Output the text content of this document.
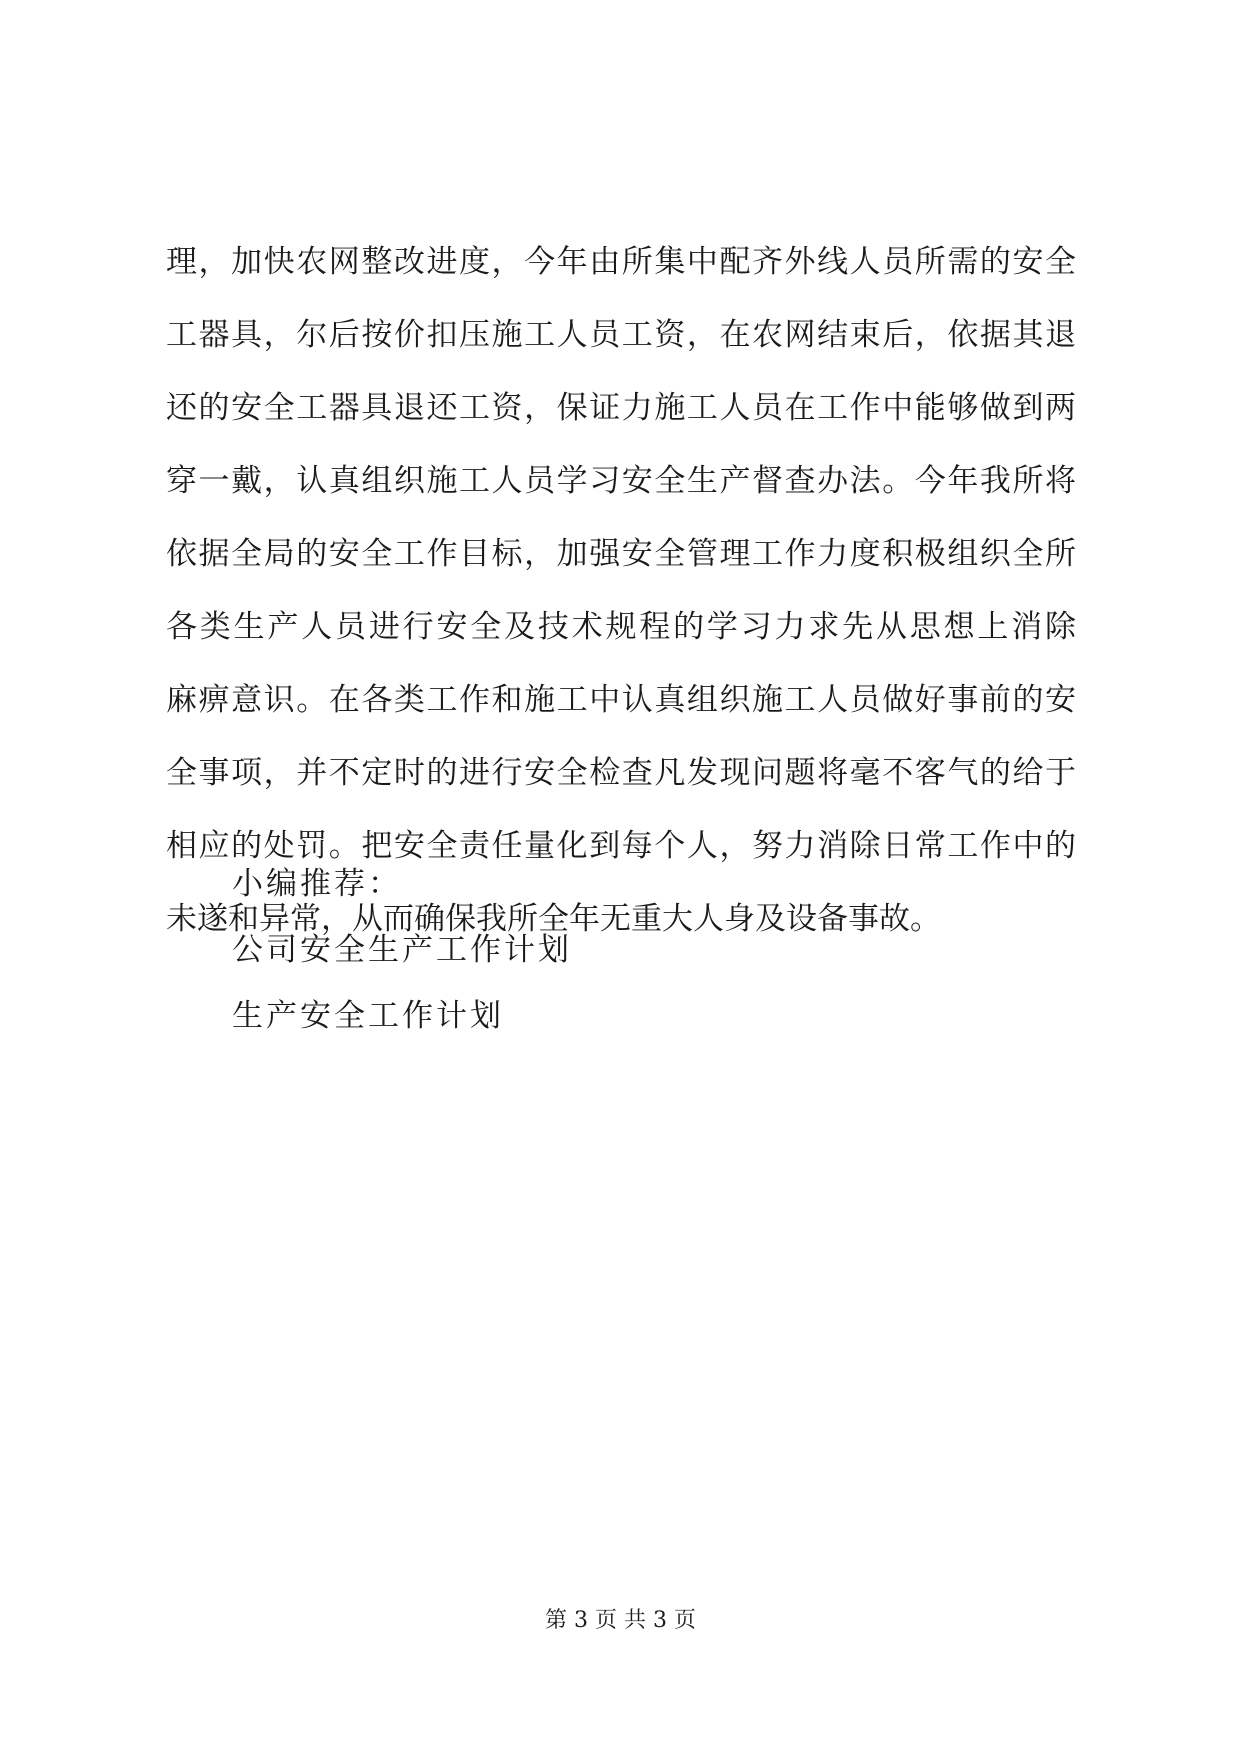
理，加快农网整改进度，今年由所集中配齐外线人员所需的安全
工器具，尔后按价扣压施工人员工资，在农网结束后，依据其退
还的安全工器具退还工资，保证力施工人员在工作中能够做到两
穿一戴，认真组织施工人员学习安全生产督查办法。今年我所将
依据全局的安全工作目标，加强安全管理工作力度积极组织全所
各类生产人员进行安全及技术规程的学习力求先从思想上消除
麻痹意识。在各类工作和施工中认真组织施工人员做好事前的安
全事项，并不定时的进行安全检查凡发现问题将毫不客气的给于
相应的处罚。把安全责任量化到每个人，努力消除日常工作中的
未遂和异常，从而确保我所全年无重大人身及设备事故。
小编推荐：
公司安全生产工作计划
生产安全工作计划
第 3 页 共 3 页
